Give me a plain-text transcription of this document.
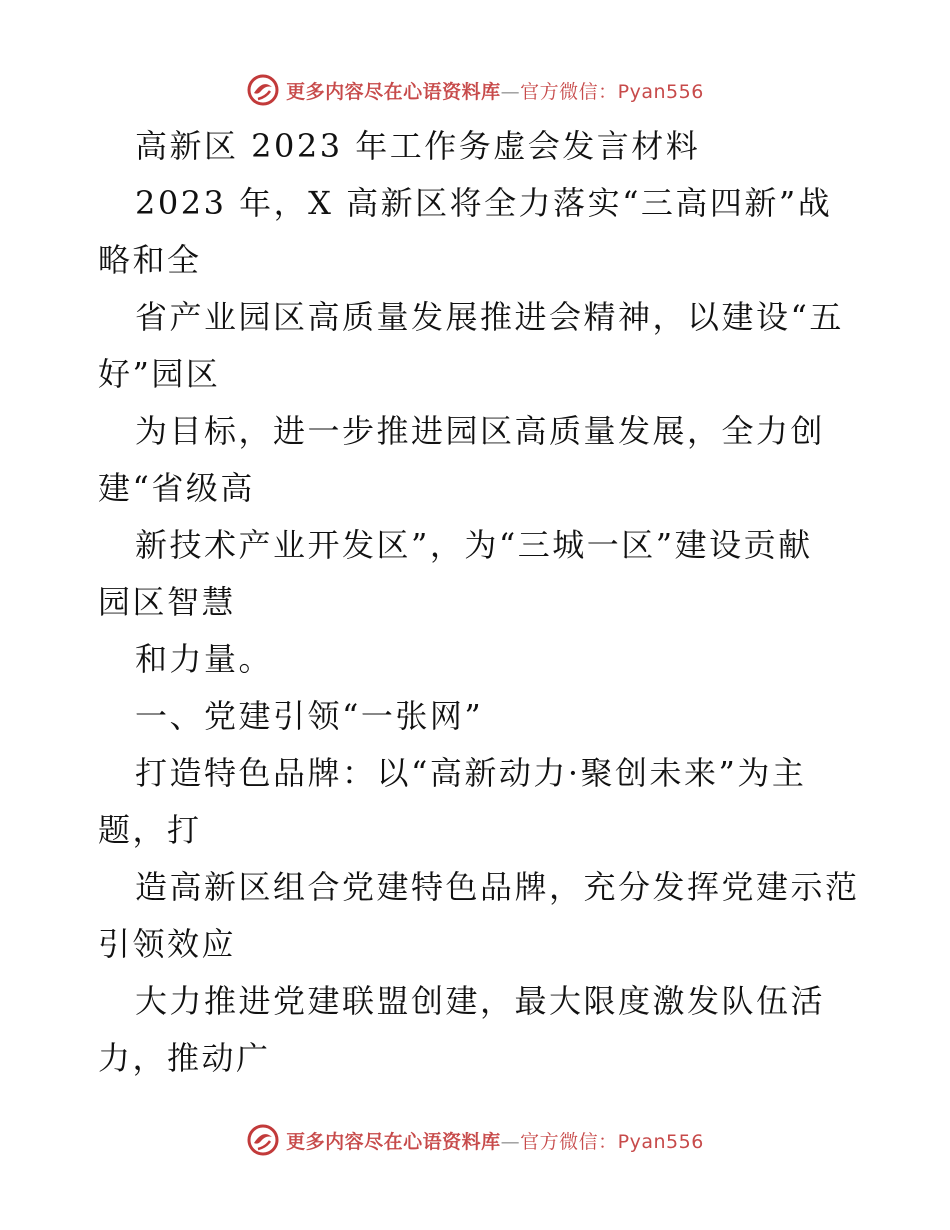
更多内容尽在心语资料库—官方微信：Pyan556
高新区 2023 年工作务虚会发言材料
2023 年，X 高新区将全力落实“三高四新”战
略和全
省产业园区高质量发展推进会精神，以建设“五
好”园区
为目标，进一步推进园区高质量发展，全力创
建“省级高
新技术产业开发区”，为“三城一区”建设贡献
园区智慧
和力量。
一、党建引领“一张网”
打造特色品牌：以“高新动力·聚创未来”为主
题，打
造高新区组合党建特色品牌，充分发挥党建示范
引领效应
大力推进党建联盟创建，最大限度激发队伍活
力，推动广
更多内容尽在心语资料库—官方微信：Pyan556
